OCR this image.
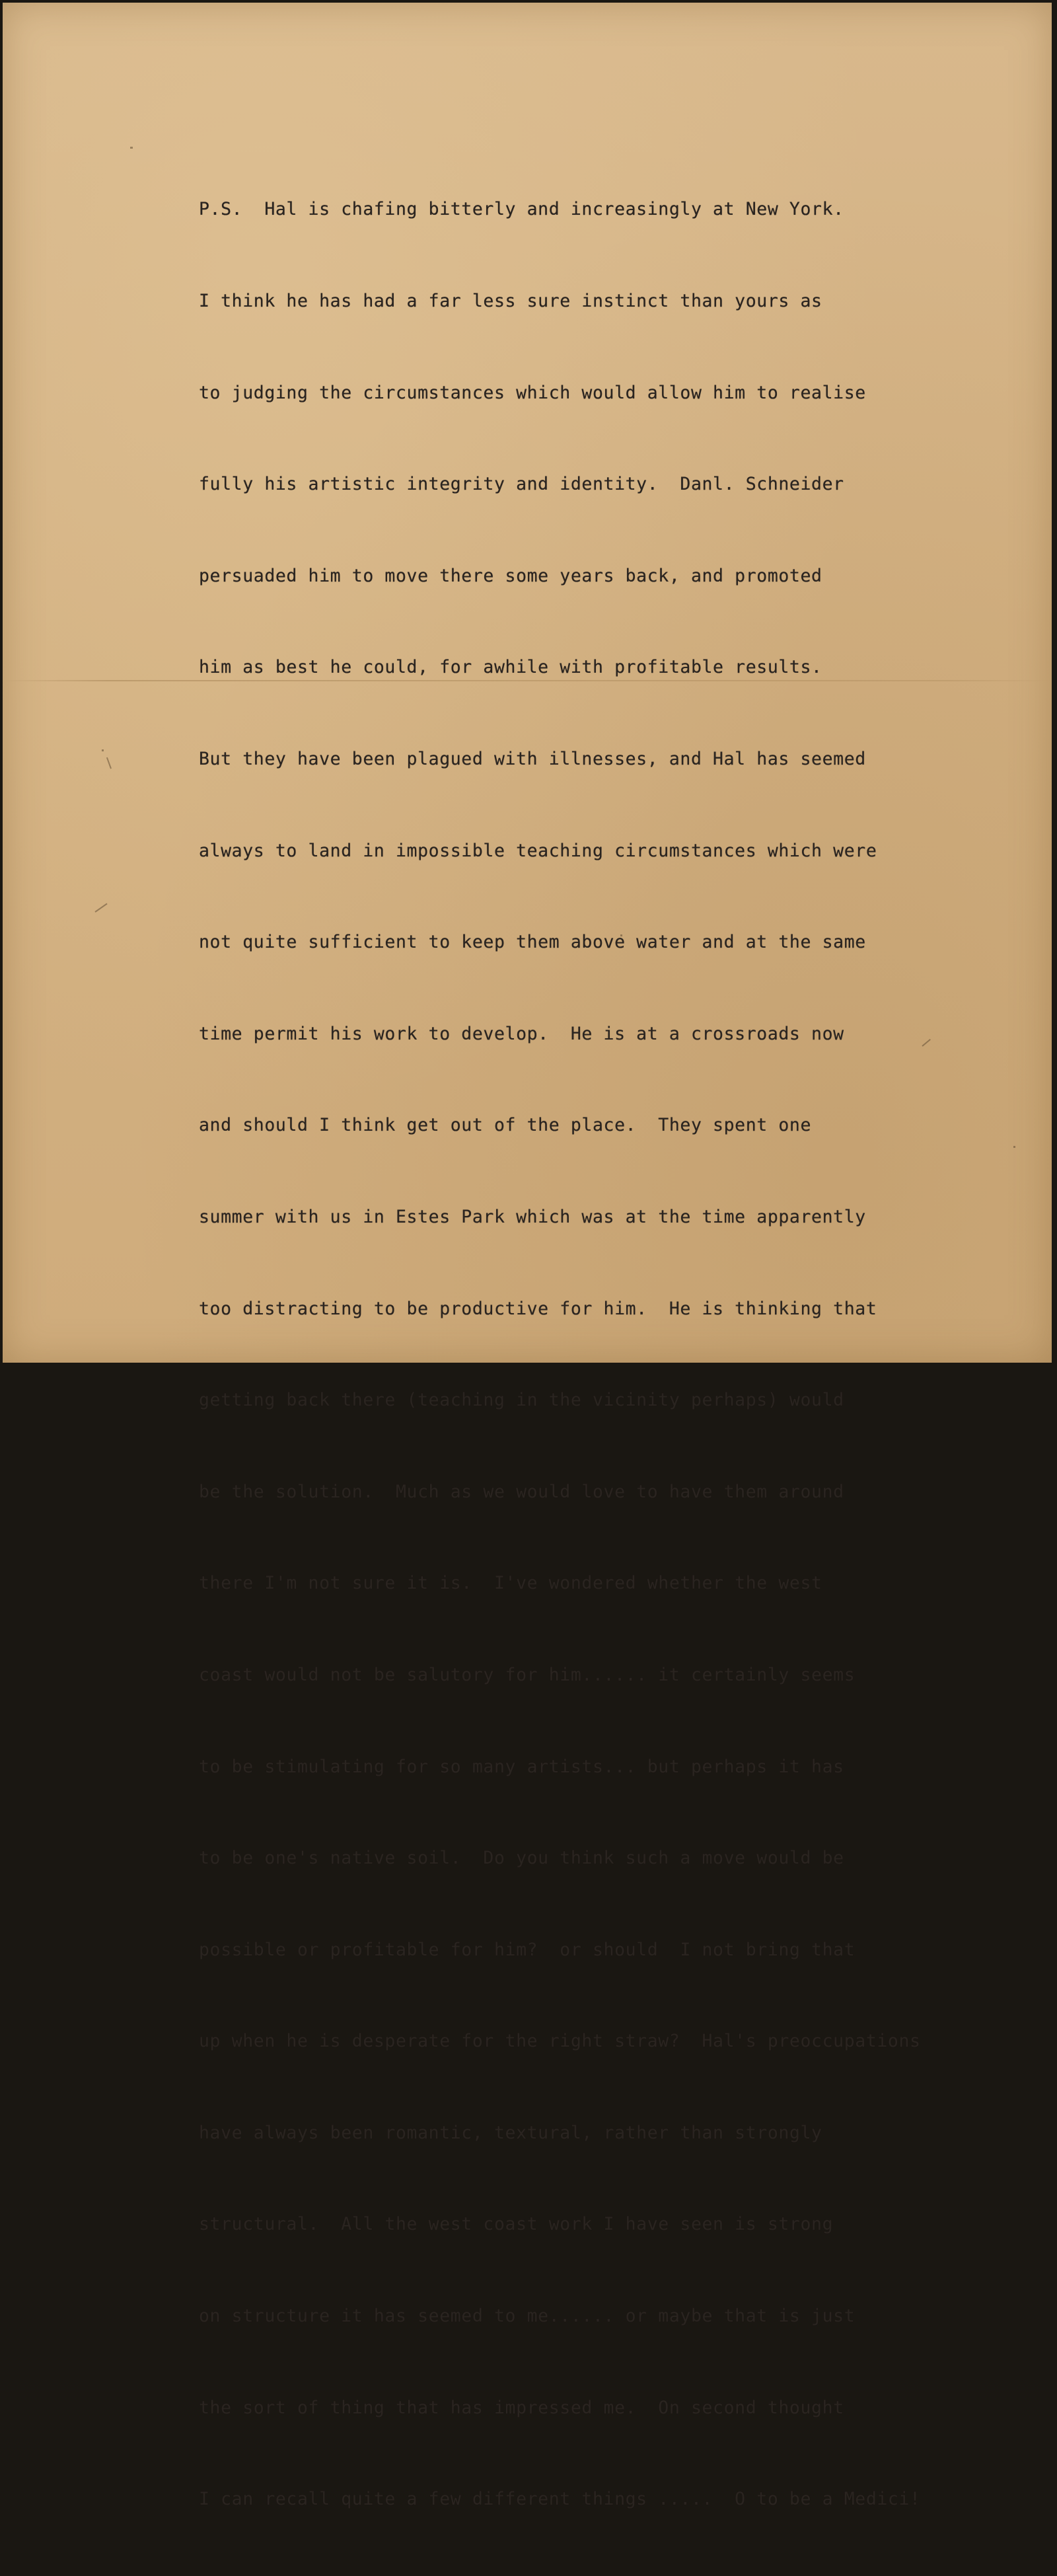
P.S.  Hal is chafing bitterly and increasingly at New York.

I think he has had a far less sure instinct than yours as

to judging the circumstances which would allow him to realise

fully his artistic integrity and identity.  Danl. Schneider

persuaded him to move there some years back, and promoted

him as best he could, for awhile with profitable results.

But they have been plagued with illnesses, and Hal has seemed

always to land in impossible teaching circumstances which were

not quite sufficient to keep them above water and at the same

time permit his work to develop.  He is at a crossroads now

and should I think get out of the place.  They spent one

summer with us in Estes Park which was at the time apparently

too distracting to be productive for him.  He is thinking that

getting back there (teaching in the vicinity perhaps) would

be the solution.  Much as we would love to have them around

there I'm not sure it is.  I've wondered whether the west

coast would not be salutory for him...... it certainly seems

to be stimulating for so many artists... but perhaps it has

to be one's native soil.  Do you think such a move would be

possible or profitable for him?  or should  I not bring that

up when he is desperate for the right straw?  Hal's preoccupations

have always been romantic, textural, rather than strongly

structural.  All the west coast work I have seen is strong

on structure it has seemed to me...... or maybe that is just

the sort of thing that has impressed me.  On second thought

I can recall quite a few different things .....  O to be a Medici!
